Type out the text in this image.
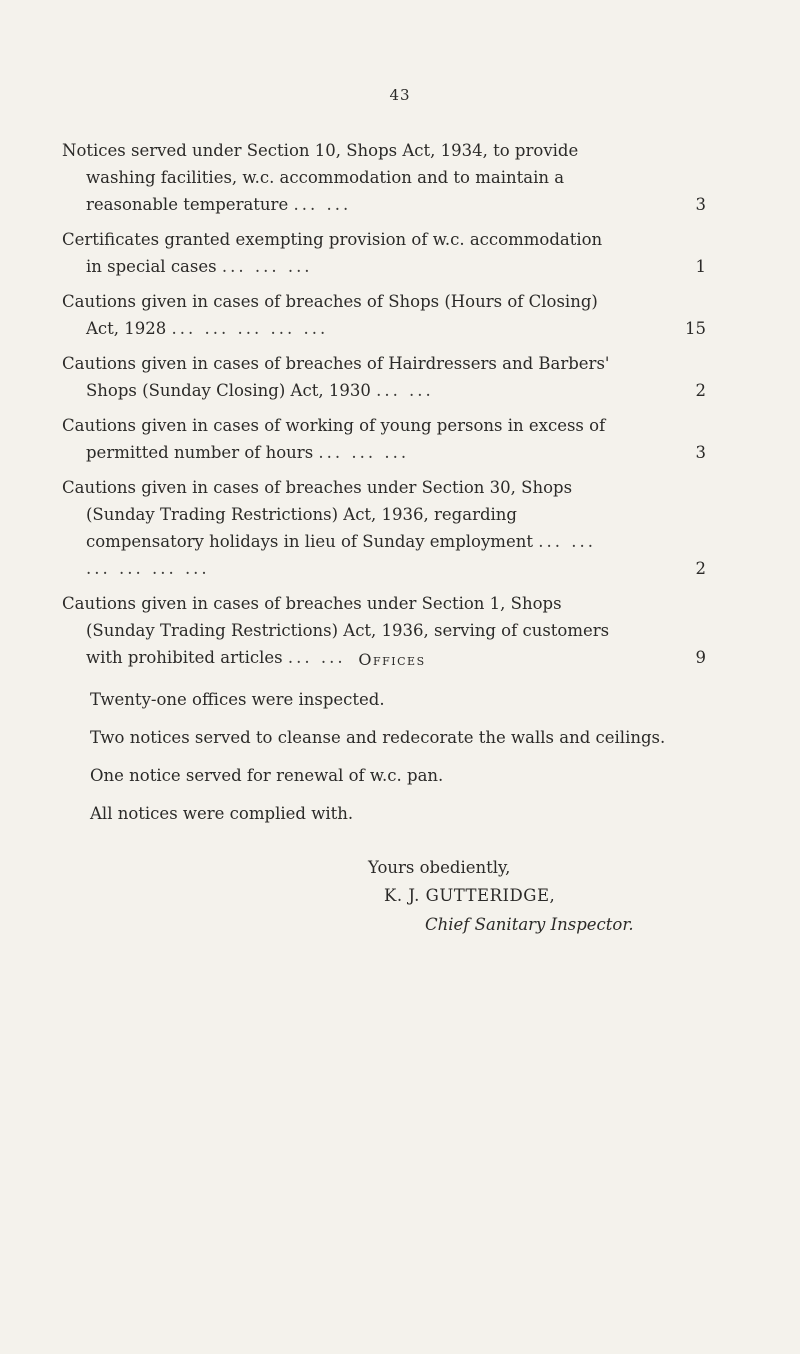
43
Notices served under Section 10, Shops Act, 1934, to provide washing facilities, w.c. accommodation and to maintain a reasonable temperature ... ...	3
Certificates granted exempting provision of w.c. accommodation in special cases ... ... ...	1
Cautions given in cases of breaches of Shops (Hours of Closing) Act, 1928 ... ... ... ... ...	15
Cautions given in cases of breaches of Hairdressers and Barbers' Shops (Sunday Closing) Act, 1930 ... ...	2
Cautions given in cases of working of young persons in excess of permitted number of hours ... ... ...	3
Cautions given in cases of breaches under Section 30, Shops (Sunday Trading Restrictions) Act, 1936, regarding compensatory holidays in lieu of Sunday employment ... ... ... ... ... ...	2
Cautions given in cases of breaches under Section 1, Shops (Sunday Trading Restrictions) Act, 1936, serving of customers with prohibited articles ... ...	9
Offices

Twenty-one offices were inspected.

Two notices served to cleanse and redecorate the walls and ceilings.

One notice served for renewal of w.c. pan.

All notices were complied with.

Yours obediently,
K. J. GUTTERIDGE,
Chief Sanitary Inspector.
